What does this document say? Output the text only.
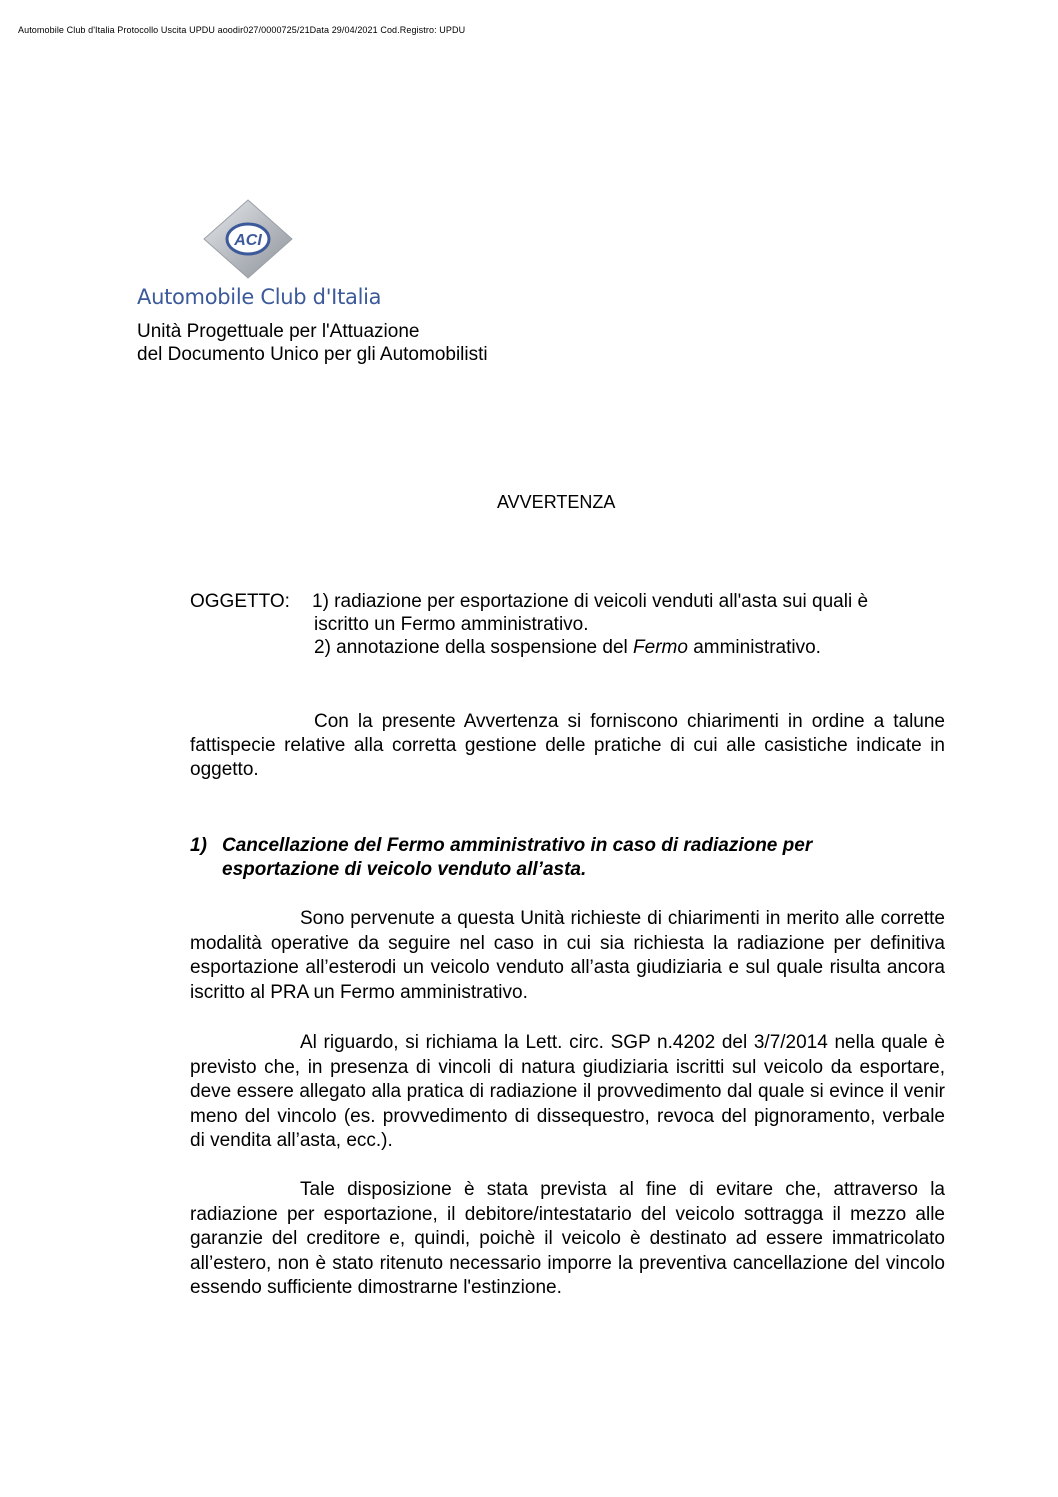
Automobile Club d'Italia Protocollo Uscita UPDU aoodir027/0000725/21Data 29/04/2021 Cod.Registro: UPDU
ACI
Automobile Club d'Italia
Unità Progettuale per l'Attuazione
del Documento Unico per gli Automobilisti
AVVERTENZA
OGGETTO: 1) radiazione per esportazione di veicoli venduti all'asta sui quali è
iscritto un Fermo amministrativo.
2) annotazione della sospensione del Fermo amministrativo.
Con la presente Avvertenza si forniscono chiarimenti in ordine a talune fattispecie relative alla corretta gestione delle pratiche di cui alle casistiche indicate in oggetto.
1) Cancellazione del Fermo amministrativo in caso di radiazione per
esportazione di veicolo venduto all’asta.

Sono pervenute a questa Unità richieste di chiarimenti in merito alle corrette modalità operative da seguire nel caso in cui sia richiesta la radiazione per definitiva esportazione all’esterodi un veicolo venduto all’asta giudiziaria e sul quale risulta ancora iscritto al PRA un Fermo amministrativo.

Al riguardo, si richiama la Lett. circ. SGP n.4202 del 3/7/2014 nella quale è previsto che, in presenza di vincoli di natura giudiziaria iscritti sul veicolo da esportare, deve essere allegato alla pratica di radiazione il provvedimento dal quale si evince il venir meno del vincolo (es. provvedimento di dissequestro, revoca del pignoramento, verbale di vendita all’asta, ecc.).

Tale disposizione è stata prevista al fine di evitare che, attraverso la radiazione per esportazione, il debitore/intestatario del veicolo sottragga il mezzo alle garanzie del creditore e, quindi, poichè il veicolo è destinato ad essere immatricolato all’estero, non è stato ritenuto necessario imporre la preventiva cancellazione del vincolo essendo sufficiente dimostrarne l'estinzione.
